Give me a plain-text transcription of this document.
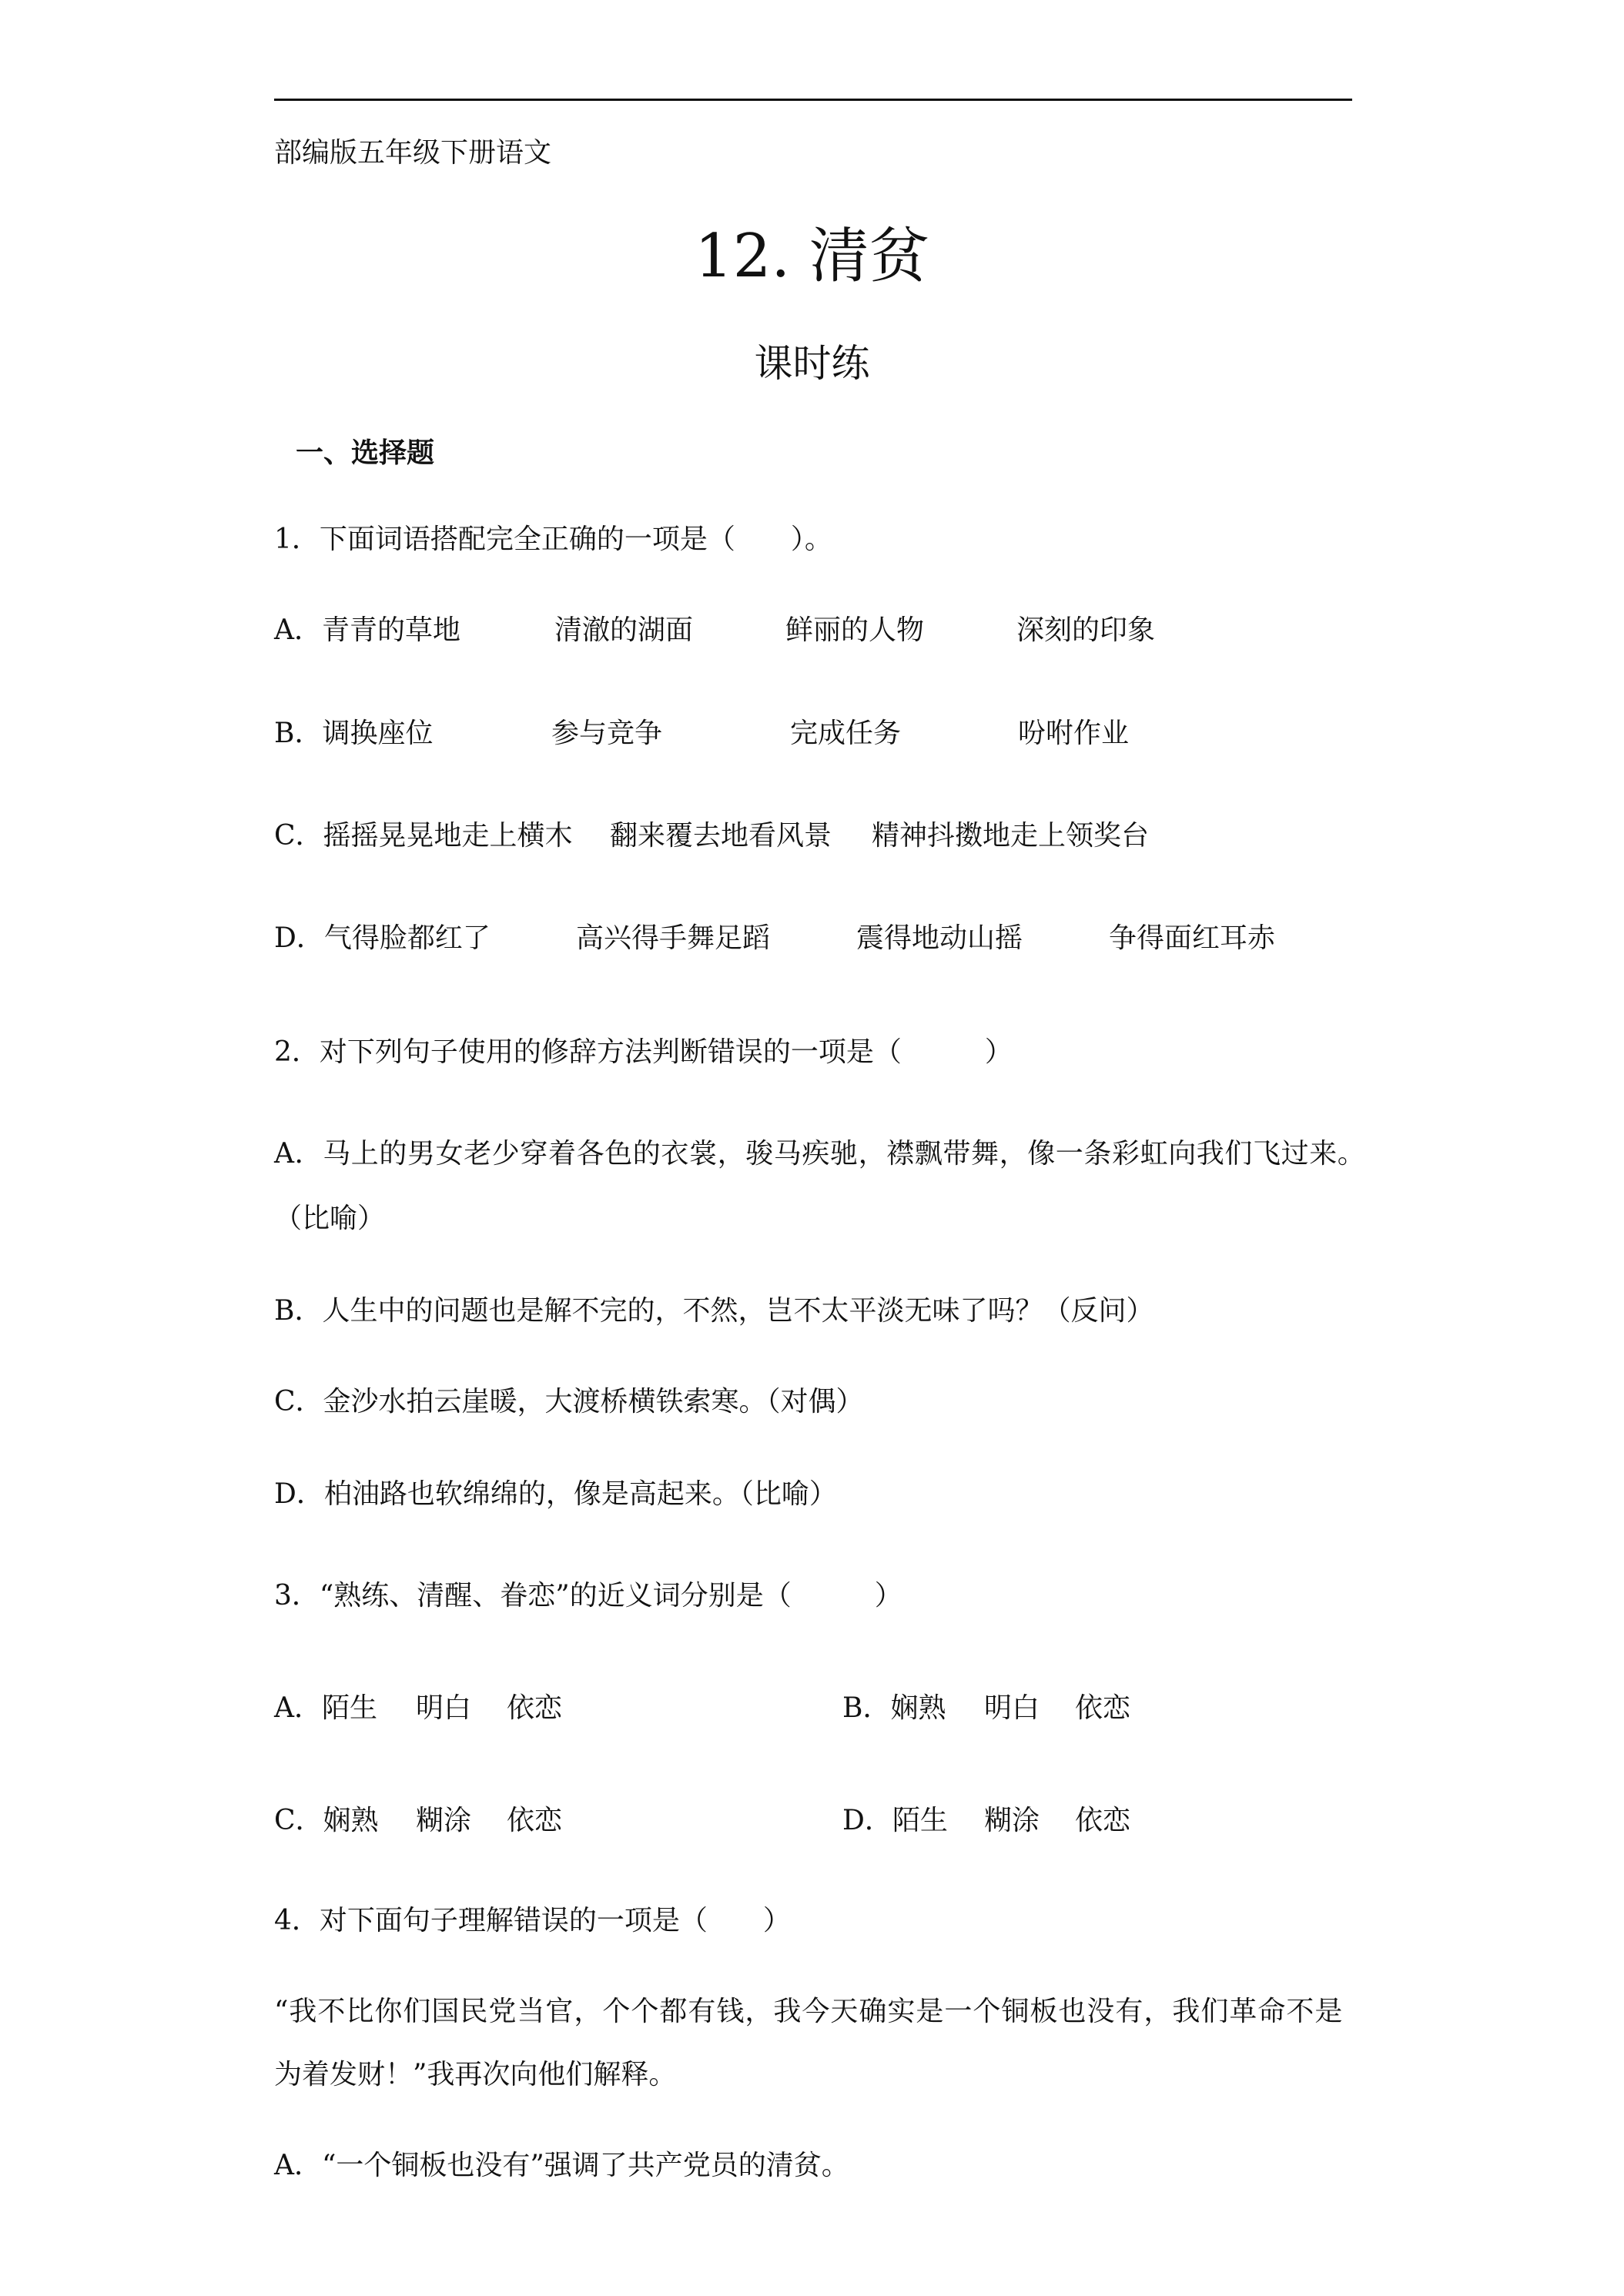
部编版五年级下册语文
12. 清贫
课时练
一、选择题
1．下面词语搭配完全正确的一项是（　　）。
A．青青的草地	清澈的湖面	鲜丽的人物	深刻的印象
B．调换座位	参与竞争	完成任务	吩咐作业
C．摇摇晃晃地走上横木 翻来覆去地看风景 精神抖擞地走上领奖台
D．气得脸都红了	高兴得手舞足蹈	震得地动山摇	争得面红耳赤
2．对下列句子使用的修辞方法判断错误的一项是（　　　）
A．马上的男女老少穿着各色的衣裳，骏马疾驰，襟飘带舞，像一条彩虹向我们飞过来。
（比喻）
B．人生中的问题也是解不完的，不然，岂不太平淡无味了吗？（反问）
C．金沙水拍云崖暖，大渡桥横铁索寒。（对偶）
D．柏油路也软绵绵的，像是高起来。（比喻）
3．“熟练、清醒、眷恋”的近义词分别是（　　　）
A．陌生 明白 依恋	B．娴熟 明白 依恋
C．娴熟 糊涂 依恋	D．陌生 糊涂 依恋
4．对下面句子理解错误的一项是（　　）
“我不比你们国民党当官，个个都有钱，我今天确实是一个铜板也没有，我们革命不是
为着发财！”我再次向他们解释。
A．“一个铜板也没有”强调了共产党员的清贫。
